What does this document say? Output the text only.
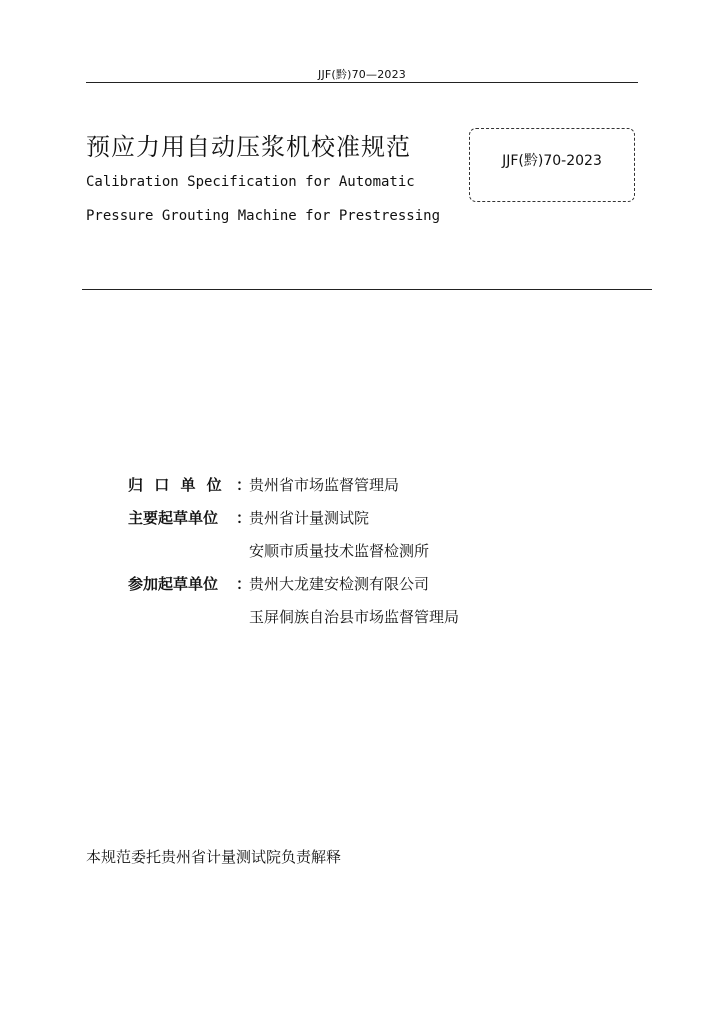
JJF(黔)70—2023
预应力用自动压浆机校准规范
Calibration Specification for Automatic
Pressure Grouting Machine for Prestressing
JJF(黔)70-2023
归 口 单 位 ：
贵州省市场监督管理局
主要起草单位	：
贵州省计量测试院
安顺市质量技术监督检测所
参加起草单位	：
贵州大龙建安检测有限公司
玉屏侗族自治县市场监督管理局
本规范委托贵州省计量测试院负责解释
